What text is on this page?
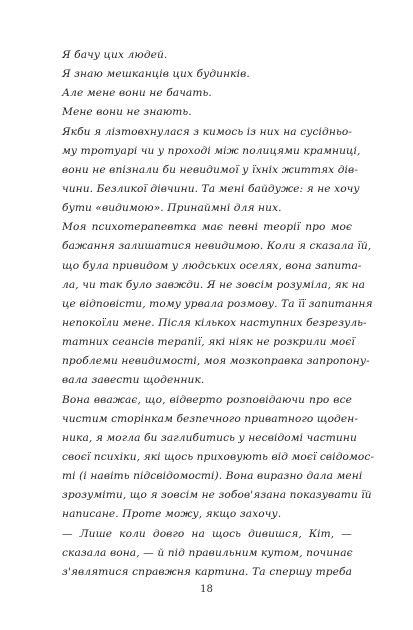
Я бачу цих людей.
Я знаю мешканців цих будинків.
Але мене вони не бачать.
Мене вони не знають.
Якби я лізтовхнулася з кимось із них на сусідньо-
му тротуарі чи у проході між полицями крамниці,
вони не впізнали би невидимої у їхніх життях дів-
чини. Безликої дівчини. Та мені байдуже: я не хочу
бути «видимою». Принаймні для них.
Моя психотерапевтка має певні теорії про моє
бажання залишатися невидимою. Коли я сказала їй,
що була привидом у людських оселях, вона запита-
ла, чи так було завжди. Я не зовсім розуміла, як на
це відповісти, тому урвала розмову. Та її запитання
непокоїли мене. Після кількох наступних безрезуль-
татних сеансів терапії, які ніяк не розкрили моєї
проблеми невидимості, моя мозкоправка запропону-
вала завести щоденник.
Вона вважає, що, відверто розповідаючи про все
чистим сторінкам безпечного приватного щоден-
ника, я могла би заглибитись у несвідомі частини
своєї психіки, які щось приховують від моєї свідомос-
ті (і навіть підсвідомості). Вона виразно дала мені
зрозуміти, що я зовсім не зобов'язана показувати їй
написане. Проте можу, якщо захочу.
— Лише коли довго на щось дивишся, Кіт, —
сказала вона, — й під правильним кутом, починає
з'являтися справжня картина. Та спершу треба
18
